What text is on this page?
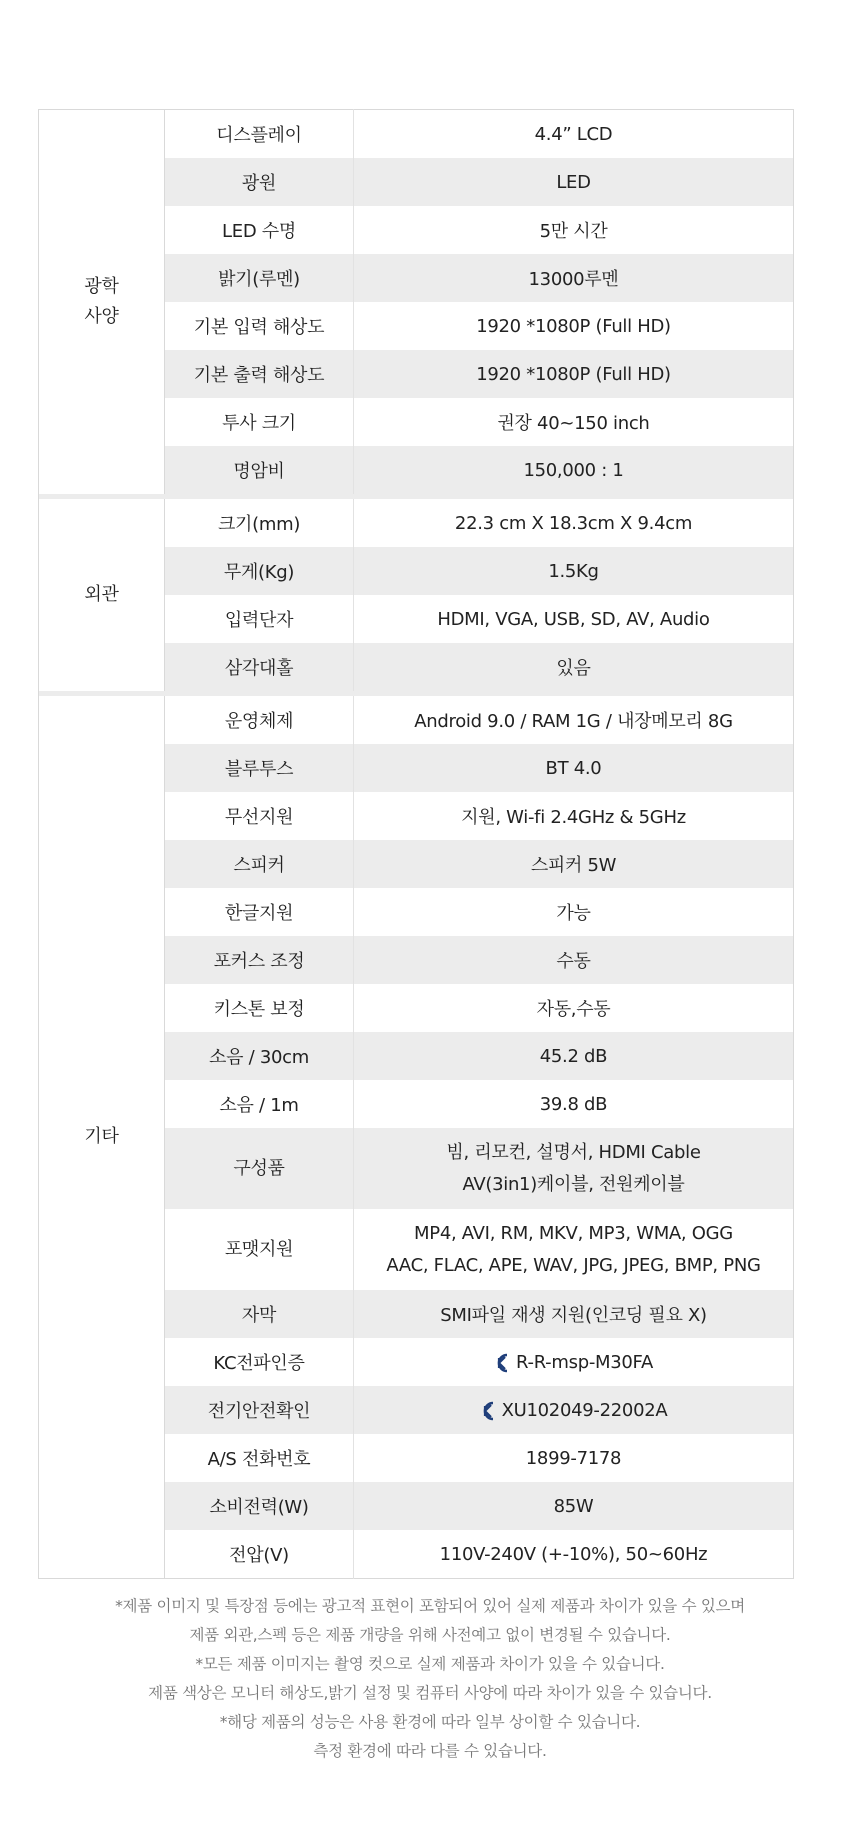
광학
사양	디스플레이	4.4” LCD
	광원	LED
	LED 수명	5만 시간
	밝기(루멘)	13000루멘
	기본 입력 해상도	1920 *1080P (Full HD)
	기본 출력 해상도	1920 *1080P (Full HD)
	투사 크기	권장 40~150 inch
	명암비	150,000 : 1

외관	크기(mm)	22.3 cm X 18.3cm X 9.4cm
	무게(Kg)	1.5Kg
	입력단자	HDMI, VGA, USB, SD, AV, Audio
	삼각대홀	있음

기타	운영체제	Android 9.0 / RAM 1G / 내장메모리 8G
	블루투스	BT 4.0
	무선지원	지원, Wi-fi 2.4GHz & 5GHz
	스피커	스피커 5W
	한글지원	가능
	포커스 조정	수동
	키스톤 보정	자동,수동
	소음 / 30cm	45.2 dB
	소음 / 1m	39.8 dB
	구성품	빔, 리모컨, 설명서, HDMI Cable
AV(3in1)케이블, 전원케이블
	포맷지원	MP4, AVI, RM, MKV, MP3, WMA, OGG
AAC, FLAC, APE, WAV, JPG, JPEG, BMP, PNG
	자막	SMI파일 재생 지원(인코딩 필요 X)
	KC전파인증	R-R-msp-M30FA
	전기안전확인	XU102049-22002A
	A/S 전화번호	1899-7178
	소비전력(W)	85W
	전압(V)	110V-240V (+-10%), 50~60Hz
*제품 이미지 및 특장점 등에는 광고적 표현이 포함되어 있어 실제 제품과 차이가 있을 수 있으며
제품 외관,스펙 등은 제품 개량을 위해 사전예고 없이 변경될 수 있습니다.
*모든 제품 이미지는 촬영 컷으로 실제 제품과 차이가 있을 수 있습니다.
제품 색상은 모니터 해상도,밝기 설정 및 컴퓨터 사양에 따라 차이가 있을 수 있습니다.
*해당 제품의 성능은 사용 환경에 따라 일부 상이할 수 있습니다.
측정 환경에 따라 다를 수 있습니다.
